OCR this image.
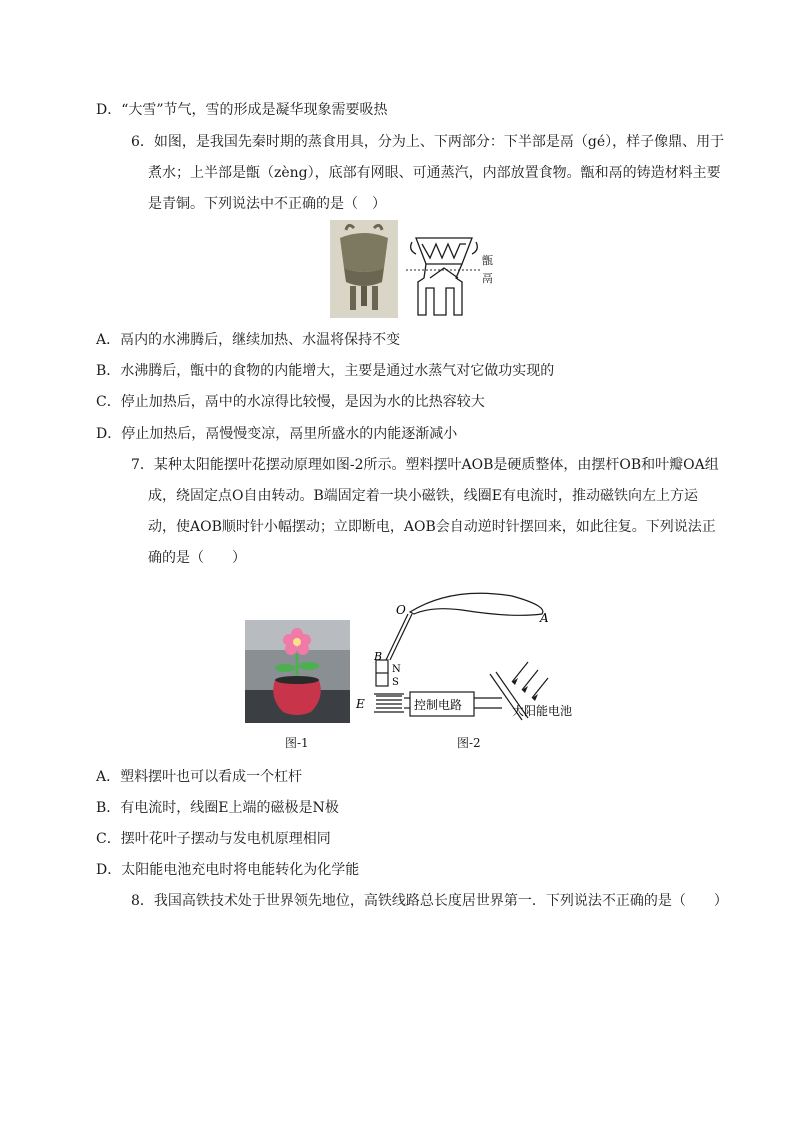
D．“大雪”节气，雪的形成是凝华现象需要吸热
6．如图，是我国先秦时期的蒸食用具，分为上、下两部分：下半部是鬲（gé），样子像鼎、用于
煮水；上半部是甑（zèng），底部有网眼、可通蒸汽，内部放置食物。甑和鬲的铸造材料主要
是青铜。下列说法中不正确的是（　）
甑
鬲
A．鬲内的水沸腾后，继续加热、水温将保持不变
B．水沸腾后，甑中的食物的内能增大，主要是通过水蒸气对它做功实现的
C．停止加热后，鬲中的水凉得比较慢，是因为水的比热容较大
D．停止加热后，鬲慢慢变凉，鬲里所盛水的内能逐渐减小
7．某种太阳能摆叶花摆动原理如图-2所示。塑料摆叶AOB是硬质整体，由摆杆OB和叶瓣OA组
成，绕固定点O自由转动。B端固定着一块小磁铁，线圈E有电流时，推动磁铁向左上方运
动，使AOB顺时针小幅摆动；立即断电，AOB会自动逆时针摆回来，如此往复。下列说法正
确的是（　　）
O
A
B
N
S
E	控制电路	太阳能电池
图-1	图-2
A．塑料摆叶也可以看成一个杠杆
B．有电流时，线圈E上端的磁极是N极
C．摆叶花叶子摆动与发电机原理相同
D．太阳能电池充电时将电能转化为化学能
8．我国高铁技术处于世界领先地位，高铁线路总长度居世界第一．下列说法不正确的是（　　）
